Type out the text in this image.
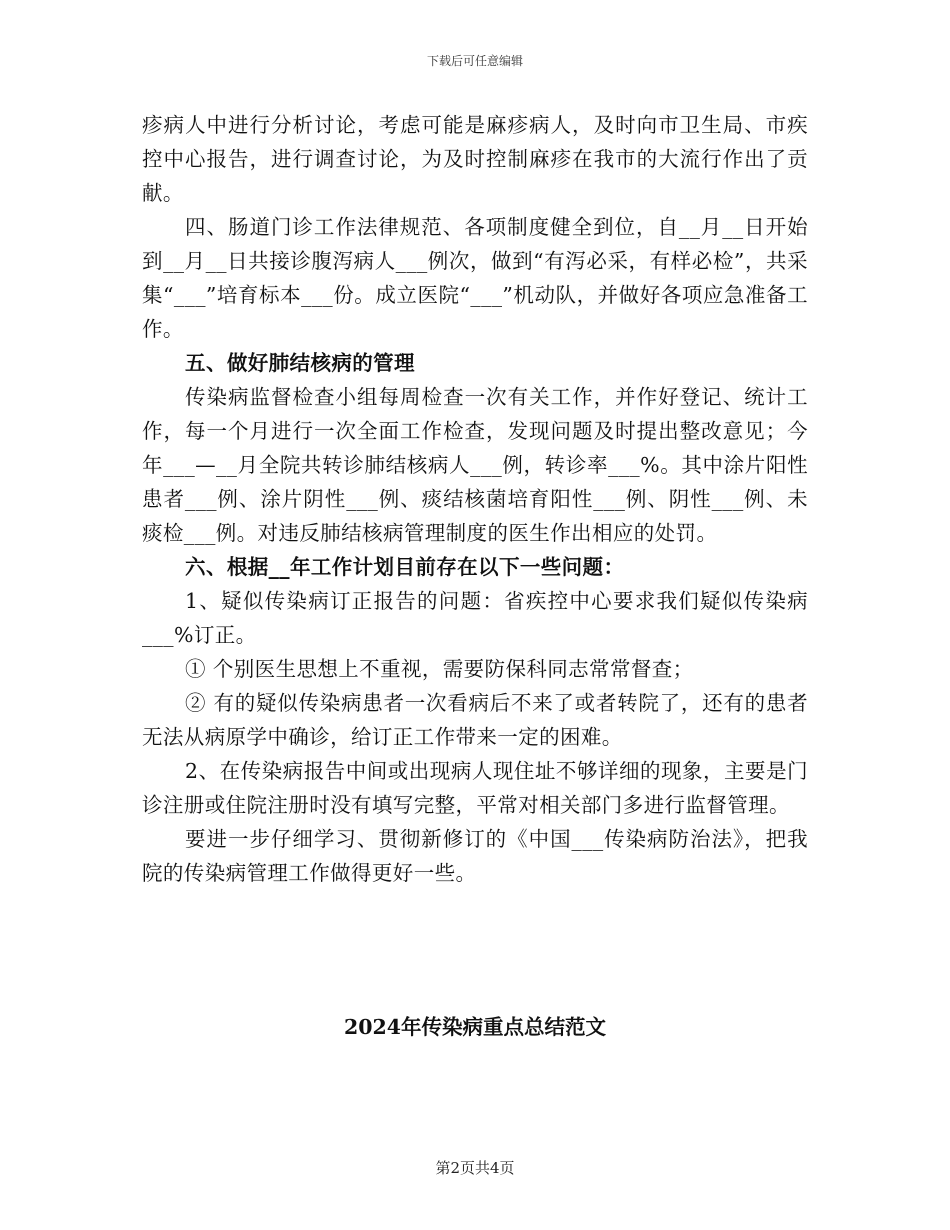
下载后可任意编辑

疹病人中进行分析讨论，考虑可能是麻疹病人，及时向市卫生局、市疾控中心报告，进行调查讨论，为及时控制麻疹在我市的大流行作出了贡献。

四、肠道门诊工作法律规范、各项制度健全到位，自__月__日开始到__月__日共接诊腹泻病人___例次，做到“有泻必采，有样必检”，共采集“___”培育标本___份。成立医院“___”机动队，并做好各项应急准备工作。

五、做好肺结核病的管理

传染病监督检查小组每周检查一次有关工作，并作好登记、统计工作，每一个月进行一次全面工作检查，发现问题及时提出整改意见；今年___—__月全院共转诊肺结核病人___例，转诊率___%。其中涂片阳性患者___例、涂片阴性___例、痰结核菌培育阳性___例、阴性___例、未痰检___例。对违反肺结核病管理制度的医生作出相应的处罚。

六、根据__年工作计划目前存在以下一些问题：

1、疑似传染病订正报告的问题：省疾控中心要求我们疑似传染病___%订正。

① 个别医生思想上不重视，需要防保科同志常常督查；

② 有的疑似传染病患者一次看病后不来了或者转院了，还有的患者无法从病原学中确诊，给订正工作带来一定的困难。

2、在传染病报告中间或出现病人现住址不够详细的现象，主要是门诊注册或住院注册时没有填写完整，平常对相关部门多进行监督管理。

要进一步仔细学习、贯彻新修订的《中国___传染病防治法》，把我院的传染病管理工作做得更好一些。

2024年传染病重点总结范文
第2页共4页
